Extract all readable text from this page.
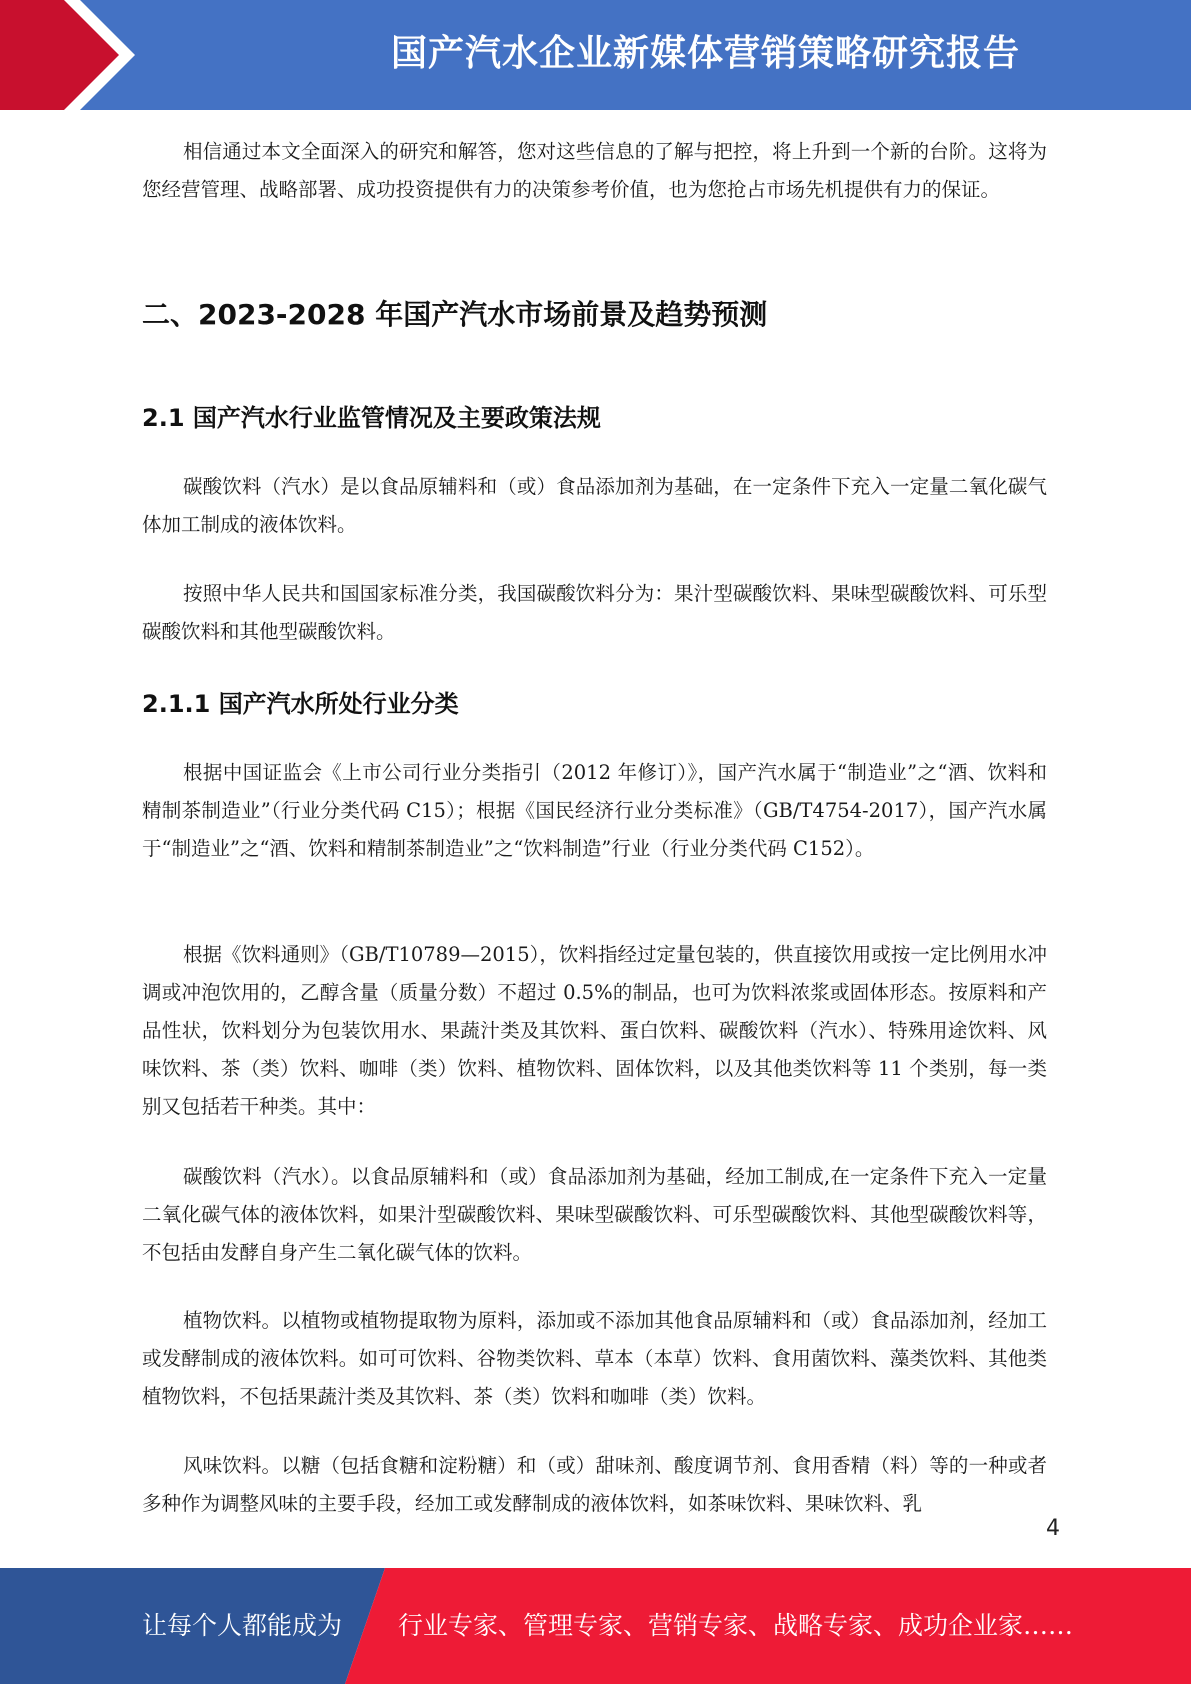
国产汽水企业新媒体营销策略研究报告

相信通过本文全面深入的研究和解答，您对这些信息的了解与把控，将上升到一个新的台阶。这将为您经营管理、战略部署、成功投资提供有力的决策参考价值，也为您抢占市场先机提供有力的保证。

二、2023-2028 年国产汽水市场前景及趋势预测
2.1 国产汽水行业监管情况及主要政策法规

碳酸饮料（汽水）是以食品原辅料和（或）食品添加剂为基础，在一定条件下充入一定量二氧化碳气体加工制成的液体饮料。

按照中华人民共和国国家标准分类，我国碳酸饮料分为：果汁型碳酸饮料、果味型碳酸饮料、可乐型碳酸饮料和其他型碳酸饮料。

2.1.1 国产汽水所处行业分类

根据中国证监会《上市公司行业分类指引（2012 年修订）》，国产汽水属于“制造业”之“酒、饮料和精制茶制造业”（行业分类代码 C15）；根据《国民经济行业分类标准》（GB/T4754-2017），国产汽水属于“制造业”之“酒、饮料和精制茶制造业”之“饮料制造”行业（行业分类代码 C152）。

根据《饮料通则》（GB/T10789—2015），饮料指经过定量包装的，供直接饮用或按一定比例用水冲调或冲泡饮用的，乙醇含量（质量分数）不超过 0.5%的制品，也可为饮料浓浆或固体形态。按原料和产品性状，饮料划分为包装饮用水、果蔬汁类及其饮料、蛋白饮料、碳酸饮料（汽水）、特殊用途饮料、风味饮料、茶（类）饮料、咖啡（类）饮料、植物饮料、固体饮料，以及其他类饮料等 11 个类别，每一类别又包括若干种类。其中：

碳酸饮料（汽水）。以食品原辅料和（或）食品添加剂为基础，经加工制成,在一定条件下充入一定量二氧化碳气体的液体饮料，如果汁型碳酸饮料、果味型碳酸饮料、可乐型碳酸饮料、其他型碳酸饮料等，不包括由发酵自身产生二氧化碳气体的饮料。

植物饮料。以植物或植物提取物为原料，添加或不添加其他食品原辅料和（或）食品添加剂，经加工或发酵制成的液体饮料。如可可饮料、谷物类饮料、草本（本草）饮料、食用菌饮料、藻类饮料、其他类植物饮料，不包括果蔬汁类及其饮料、茶（类）饮料和咖啡（类）饮料。

风味饮料。以糖（包括食糖和淀粉糖）和（或）甜味剂、酸度调节剂、食用香精（料）等的一种或者多种作为调整风味的主要手段，经加工或发酵制成的液体饮料，如茶味饮料、果味饮料、乳

4
让每个人都能成为 行业专家、管理专家、营销专家、战略专家、成功企业家……
